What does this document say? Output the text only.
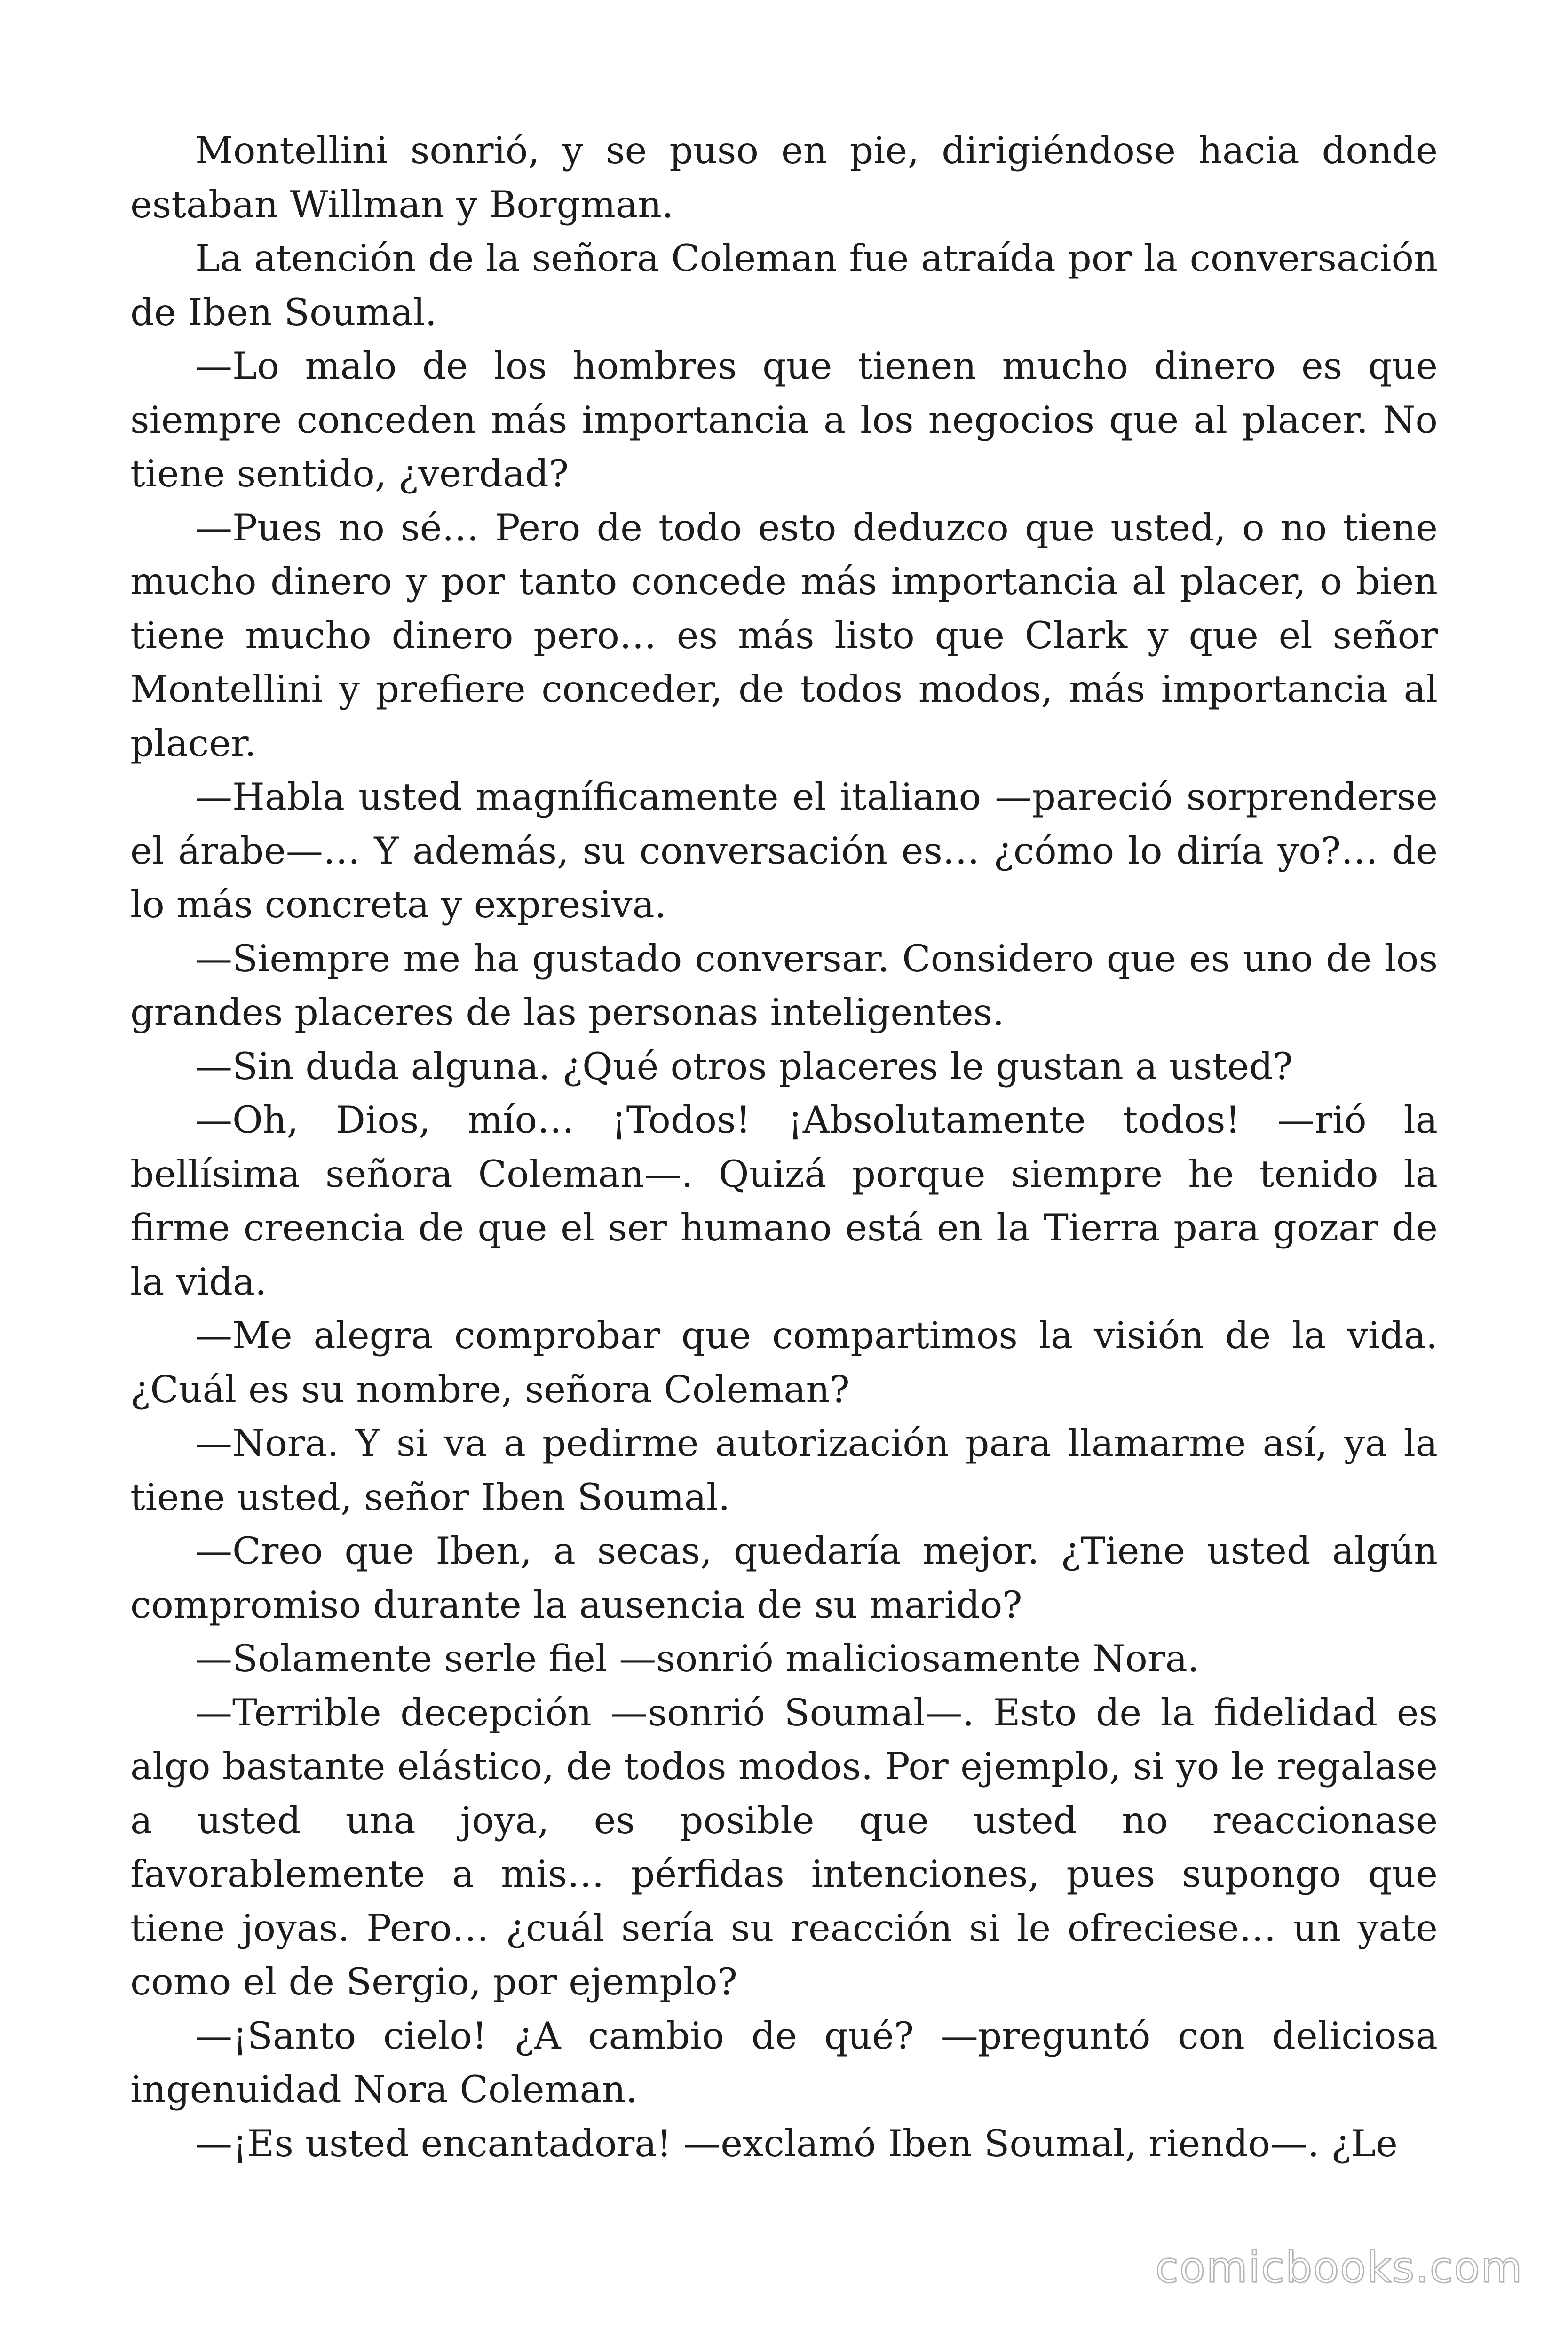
Montellini sonrió, y se puso en pie, dirigiéndose hacia donde estaban Willman y Borgman.

La atención de la señora Coleman fue atraída por la conversación de Iben Soumal.

—Lo malo de los hombres que tienen mucho dinero es que siempre conceden más importancia a los negocios que al placer. No tiene sentido, ¿verdad?

—Pues no sé… Pero de todo esto deduzco que usted, o no tiene mucho dinero y por tanto concede más importancia al placer, o bien tiene mucho dinero pero… es más listo que Clark y que el señor Montellini y prefiere conceder, de todos modos, más importancia al placer.

—Habla usted magníficamente el italiano —pareció sorprenderse el árabe—… Y además, su conversación es… ¿cómo lo diría yo?… de lo más concreta y expresiva.

—Siempre me ha gustado conversar. Considero que es uno de los grandes placeres de las personas inteligentes.

—Sin duda alguna. ¿Qué otros placeres le gustan a usted?

—Oh, Dios, mío… ¡Todos! ¡Absolutamente todos! —rió la bellísima señora Coleman—. Quizá porque siempre he tenido la firme creencia de que el ser humano está en la Tierra para gozar de la vida.

—Me alegra comprobar que compartimos la visión de la vida. ¿Cuál es su nombre, señora Coleman?

—Nora. Y si va a pedirme autorización para llamarme así, ya la tiene usted, señor Iben Soumal.

—Creo que Iben, a secas, quedaría mejor. ¿Tiene usted algún compromiso durante la ausencia de su marido?

—Solamente serle fiel —sonrió maliciosamente Nora.

—Terrible decepción —sonrió Soumal—. Esto de la fidelidad es algo bastante elástico, de todos modos. Por ejemplo, si yo le regalase a usted una joya, es posible que usted no reaccionase favorablemente a mis… pérfidas intenciones, pues supongo que tiene joyas. Pero… ¿cuál sería su reacción si le ofreciese… un yate como el de Sergio, por ejemplo?

—¡Santo cielo! ¿A cambio de qué? —preguntó con deliciosa ingenuidad Nora Coleman.

—¡Es usted encantadora! —exclamó Iben Soumal, riendo—. ¿Le

comicbooks.com
